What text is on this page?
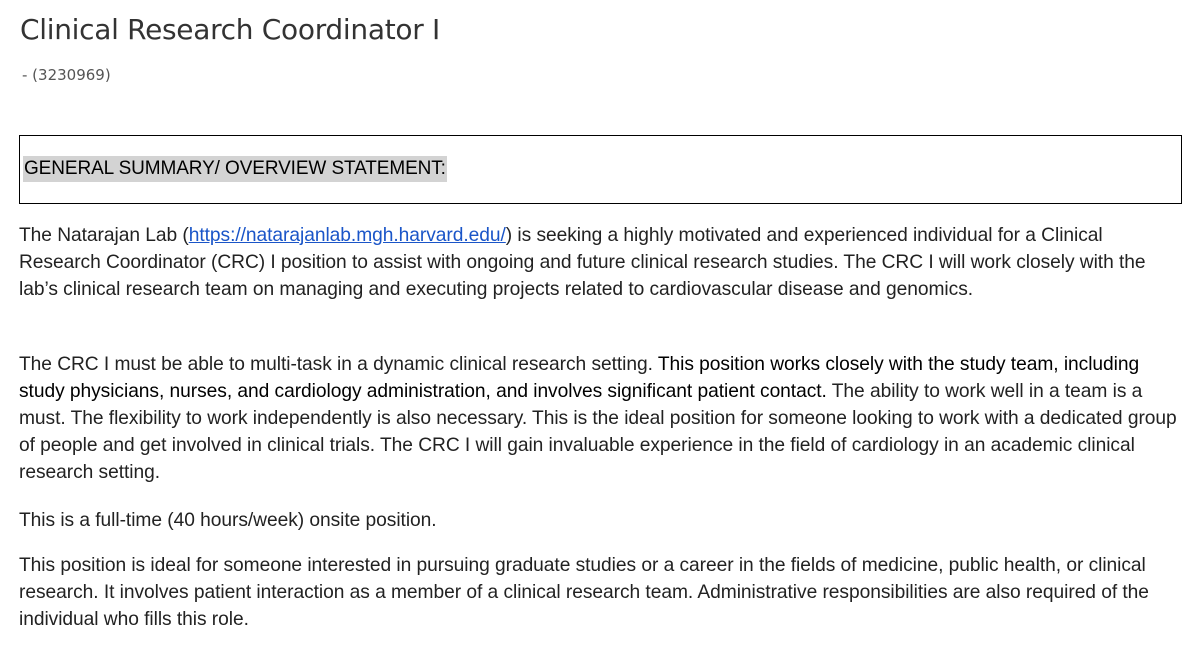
Clinical Research Coordinator I
- (3230969)
GENERAL SUMMARY/ OVERVIEW STATEMENT:

The Natarajan Lab (https://natarajanlab.mgh.harvard.edu/) is seeking a highly motivated and experienced individual for a Clinical Research Coordinator (CRC) I position to assist with ongoing and future clinical research studies. The CRC I will work closely with the lab’s clinical research team on managing and executing projects related to cardiovascular disease and genomics.

The CRC I must be able to multi-task in a dynamic clinical research setting. This position works closely with the study team, including study physicians, nurses, and cardiology administration, and involves significant patient contact. The ability to work well in a team is a must. The flexibility to work independently is also necessary. This is the ideal position for someone looking to work with a dedicated group of people and get involved in clinical trials. The CRC I will gain invaluable experience in the field of cardiology in an academic clinical research setting.

This is a full-time (40 hours/week) onsite position.

This position is ideal for someone interested in pursuing graduate studies or a career in the fields of medicine, public health, or clinical research. It involves patient interaction as a member of a clinical research team. Administrative responsibilities are also required of the individual who fills this role.
